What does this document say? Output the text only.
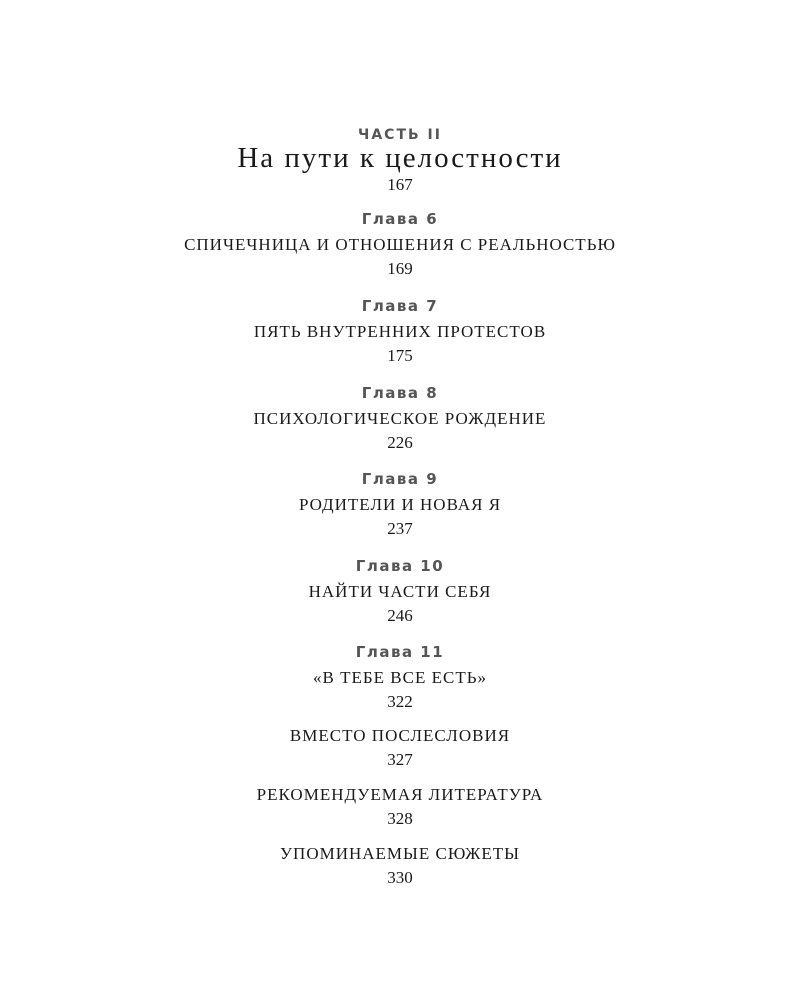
ЧАСТЬ II
На пути к целостности
167
Глава 6
СПИЧЕЧНИЦА И ОТНОШЕНИЯ С РЕАЛЬНОСТЬЮ
169
Глава 7
ПЯТЬ ВНУТРЕННИХ ПРОТЕСТОВ
175
Глава 8
ПСИХОЛОГИЧЕСКОЕ РОЖДЕНИЕ
226
Глава 9
РОДИТЕЛИ И НОВАЯ Я
237
Глава 10
НАЙТИ ЧАСТИ СЕБЯ
246
Глава 11
«В ТЕБЕ ВСЕ ЕСТЬ»
322
ВМЕСТО ПОСЛЕСЛОВИЯ
327
РЕКОМЕНДУЕМАЯ ЛИТЕРАТУРА
328
УПОМИНАЕМЫЕ СЮЖЕТЫ
330
